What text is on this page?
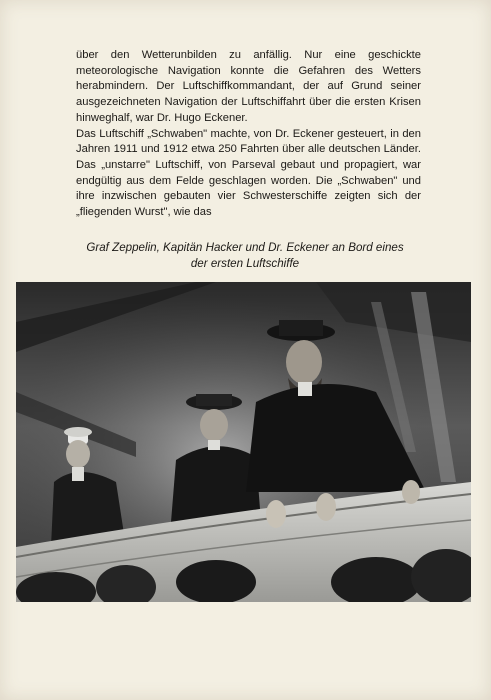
über den Wetterunbilden zu anfällig. Nur eine geschickte meteorologische Navigation konnte die Gefahren des Wetters herabmindern. Der Luftschiffkommandant, der auf Grund seiner ausgezeichneten Navigation der Luftschiffahrt über die ersten Krisen hinweghalf, war Dr. Hugo Eckener.

Das Luftschiff „Schwaben" machte, von Dr. Eckener gesteuert, in den Jahren 1911 und 1912 etwa 250 Fahrten über alle deutschen Länder. Das „unstarre" Luftschiff, von Parseval gebaut und propagiert, war endgültig aus dem Felde geschlagen worden. Die „Schwaben" und ihre inzwischen gebauten vier Schwesterschiffe zeigten sich der „fliegenden Wurst", wie das

Graf Zeppelin, Kapitän Hacker und Dr. Eckener an Bord eines
der ersten Luftschiffe
